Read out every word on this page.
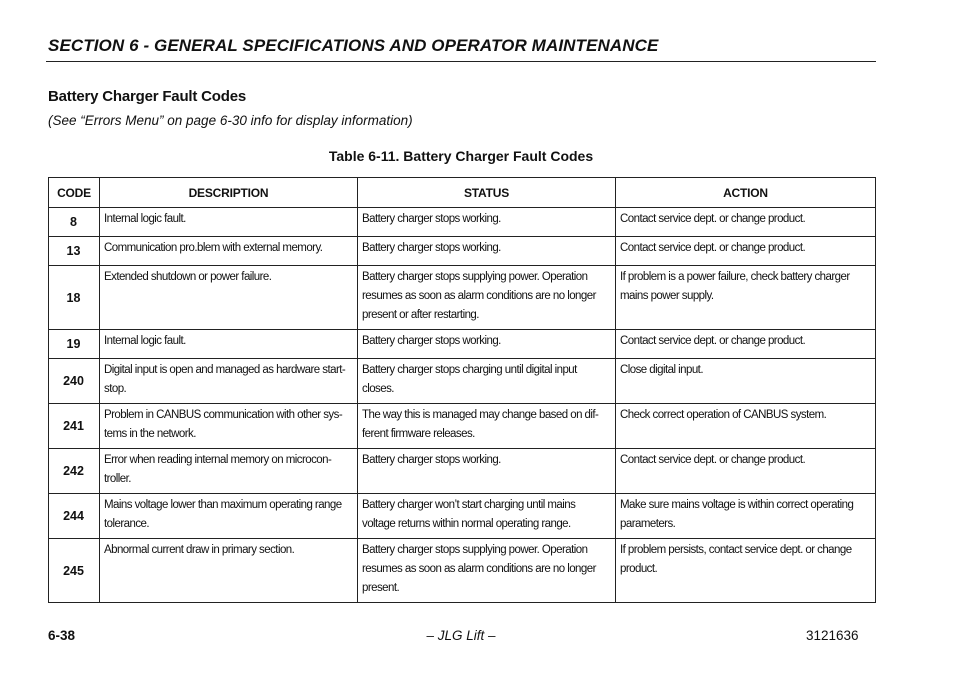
SECTION 6 - GENERAL SPECIFICATIONS AND OPERATOR MAINTENANCE
Battery Charger Fault Codes
(See “Errors Menu” on page 6-30 info for display information)
Table 6-11. Battery Charger Fault Codes
CODE	DESCRIPTION	STATUS	ACTION
8	Internal logic fault.	Battery charger stops working.	Contact service dept. or change product.
13	Communication pro.blem with external memory.	Battery charger stops working.	Contact service dept. or change product.
18	Extended shutdown or power failure.	Battery charger stops supplying power. Operation resumes as soon as alarm conditions are no longer present or after restarting.	If problem is a power failure, check battery charger mains power supply.
19	Internal logic fault.	Battery charger stops working.	Contact service dept. or change product.
240	Digital input is open and managed as hardware start-stop.	Battery charger stops charging until digital input closes.	Close digital input.
241	Problem in CANBUS communication with other sys-tems in the network.	The way this is managed may change based on dif-ferent firmware releases.	Check correct operation of CANBUS system.
242	Error when reading internal memory on microcon-troller.	Battery charger stops working.	Contact service dept. or change product.
244	Mains voltage lower than maximum operating range tolerance.	Battery charger won’t start charging until mains voltage returns within normal operating range.	Make sure mains voltage is within correct operating parameters.
245	Abnormal current draw in primary section.	Battery charger stops supplying power. Operation resumes as soon as alarm conditions are no longer present.	If problem persists, contact service dept. or change product.
6-38	– JLG Lift –	3121636
